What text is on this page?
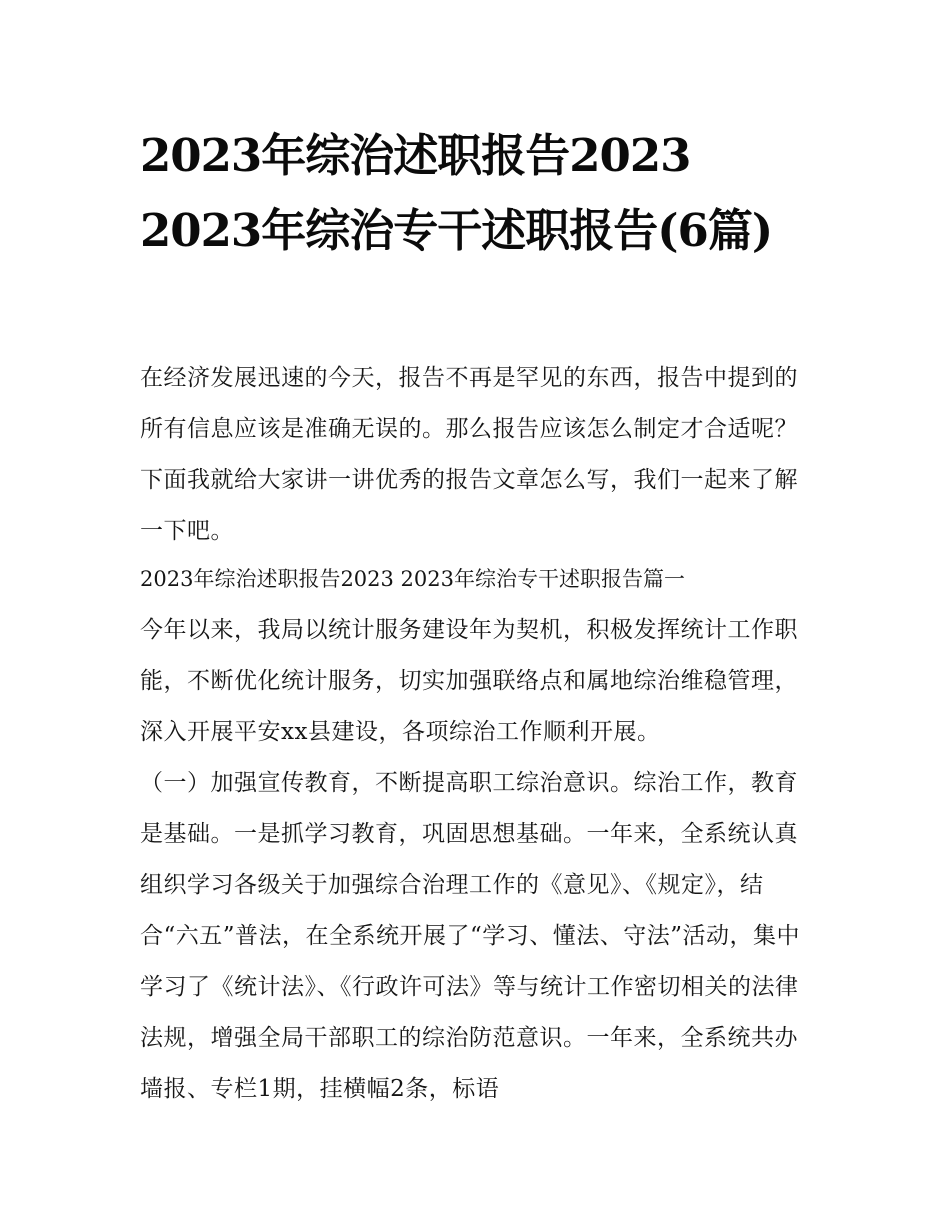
2023年综治述职报告2023 2023年综治专干述职报告(6篇)

在经济发展迅速的今天，报告不再是罕见的东西，报告中提到的所有信息应该是准确无误的。那么报告应该怎么制定才合适呢？下面我就给大家讲一讲优秀的报告文章怎么写，我们一起来了解一下吧。

2023年综治述职报告2023 2023年综治专干述职报告篇一

今年以来，我局以统计服务建设年为契机，积极发挥统计工作职能，不断优化统计服务，切实加强联络点和属地综治维稳管理，深入开展平安xx县建设，各项综治工作顺利开展。

（一）加强宣传教育，不断提高职工综治意识。综治工作，教育是基础。一是抓学习教育，巩固思想基础。一年来，全系统认真组织学习各级关于加强综合治理工作的《意见》、《规定》，结合“六五”普法，在全系统开展了“学习、懂法、守法”活动，集中学习了《统计法》、《行政许可法》等与统计工作密切相关的法律法规，增强全局干部职工的综治防范意识。一年来，全系统共办墙报、专栏1期，挂横幅2条，标语
